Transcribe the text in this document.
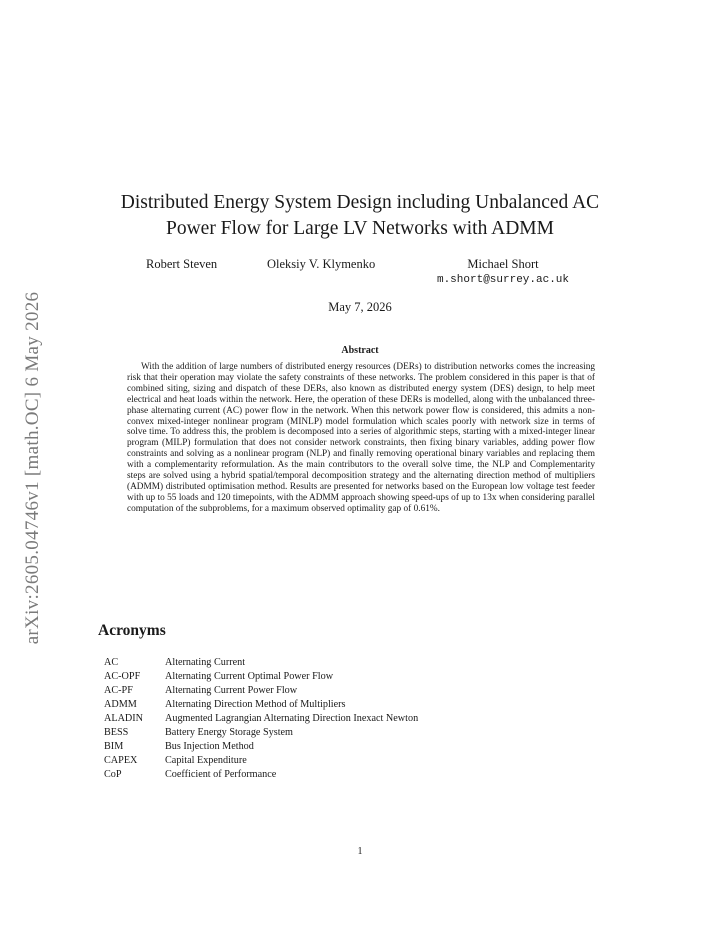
arXiv:2605.04746v1 [math.OC] 6 May 2026
Distributed Energy System Design including Unbalanced AC Power Flow for Large LV Networks with ADMM
Robert Steven	Oleksiy V. Klymenko	Michael Short
m.short@surrey.ac.uk
May 7, 2026
Abstract

With the addition of large numbers of distributed energy resources (DERs) to distribution networks comes the increasing risk that their operation may violate the safety constraints of these networks. The problem considered in this paper is that of combined siting, sizing and dispatch of these DERs, also known as distributed energy system (DES) design, to help meet electrical and heat loads within the network. Here, the operation of these DERs is modelled, along with the unbalanced three-phase alternating current (AC) power flow in the network. When this network power flow is considered, this admits a non-convex mixed-integer nonlinear program (MINLP) model formulation which scales poorly with network size in terms of solve time. To address this, the problem is decomposed into a series of algorithmic steps, starting with a mixed-integer linear program (MILP) formulation that does not consider network constraints, then fixing binary variables, adding power flow constraints and solving as a nonlinear program (NLP) and finally removing operational binary variables and replacing them with a complementarity reformulation. As the main contributors to the overall solve time, the NLP and Complementarity steps are solved using a hybrid spatial/temporal decomposition strategy and the alternating direction method of multipliers (ADMM) distributed optimisation method. Results are presented for networks based on the European low voltage test feeder with up to 55 loads and 120 timepoints, with the ADMM approach showing speed-ups of up to 13x when considering parallel computation of the subproblems, for a maximum observed optimality gap of 0.61%.

Acronyms
AC	Alternating Current
AC-OPF Alternating Current Optimal Power Flow
AC-PF	Alternating Current Power Flow
ADMM	Alternating Direction Method of Multipliers
ALADIN Augmented Lagrangian Alternating Direction Inexact Newton
BESS	Battery Energy Storage System
BIM	Bus Injection Method
CAPEX	Capital Expenditure
CoP	Coefficient of Performance
1
